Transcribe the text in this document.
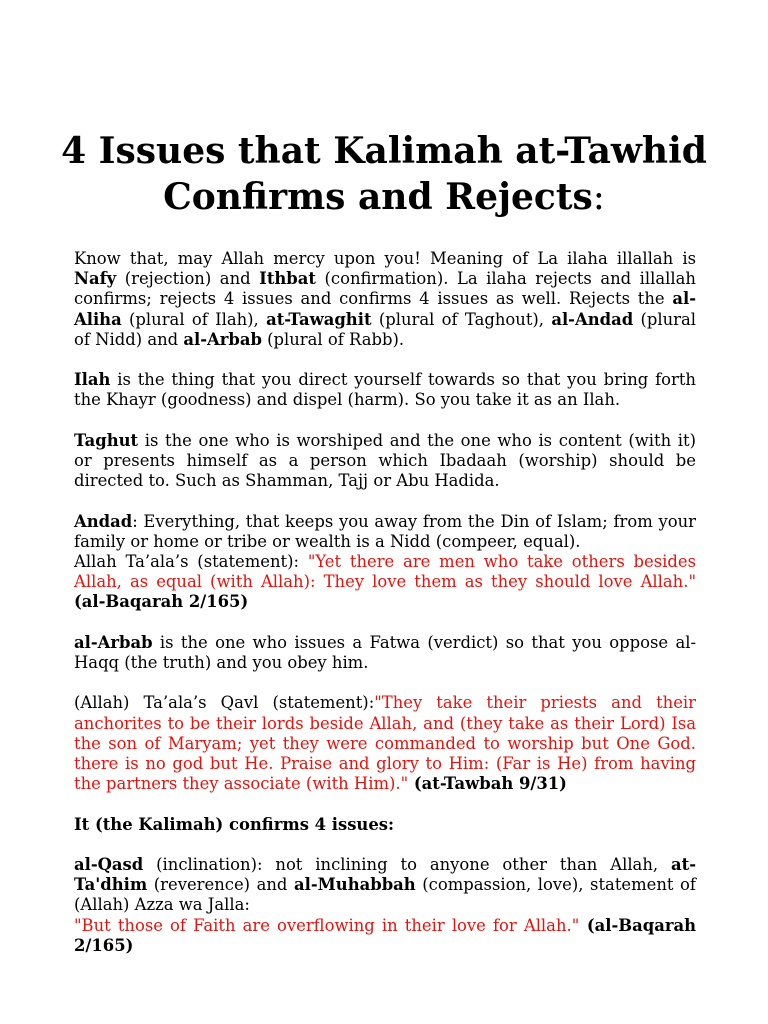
4 Issues that Kalimah at-Tawhid Confirms and Rejects:

Know that, may Allah mercy upon you! Meaning of La ilaha illallah is Nafy (rejection) and Ithbat (confirmation). La ilaha rejects and illallah confirms; rejects 4 issues and confirms 4 issues as well. Rejects the al-Aliha (plural of Ilah), at-Tawaghit (plural of Taghout), al-Andad (plural of Nidd) and al-Arbab (plural of Rabb).

Ilah is the thing that you direct yourself towards so that you bring forth the Khayr (goodness) and dispel (harm). So you take it as an Ilah.

Taghut is the one who is worshiped and the one who is content (with it) or presents himself as a person which Ibadaah (worship) should be directed to. Such as Shamman, Tajj or Abu Hadida.

Andad: Everything, that keeps you away from the Din of Islam; from your family or home or tribe or wealth is a Nidd (compeer, equal).

Allah Ta’ala’s (statement): "Yet there are men who take others besides Allah, as equal (with Allah): They love them as they should love Allah." (al-Baqarah 2/165)

al-Arbab is the one who issues a Fatwa (verdict) so that you oppose al-Haqq (the truth) and you obey him.

(Allah) Ta’ala’s Qavl (statement):"They take their priests and their anchorites to be their lords beside Allah, and (they take as their Lord) Isa the son of Maryam; yet they were commanded to worship but One God. there is no god but He. Praise and glory to Him: (Far is He) from having the partners they associate (with Him)." (at-Tawbah 9/31)

It (the Kalimah) confirms 4 issues:

al-Qasd (inclination): not inclining to anyone other than Allah, at-Ta'dhim (reverence) and al-Muhabbah (compassion, love), statement of (Allah) Azza wa Jalla:

"But those of Faith are overflowing in their love for Allah." (al-Baqarah 2/165)
